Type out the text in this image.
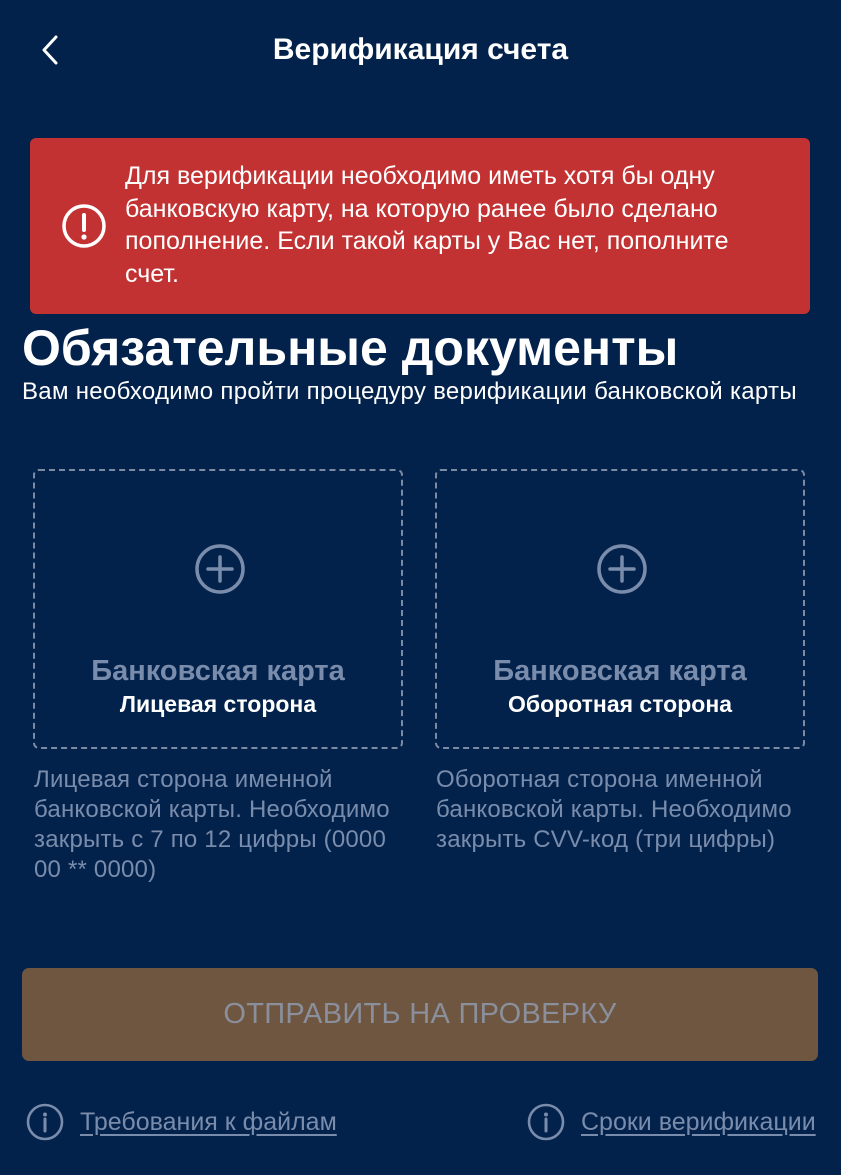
Верификация счета
Для верификации необходимо иметь хотя бы одну банковскую карту, на которую ранее было сделано пополнение. Если такой карты у Вас нет, пополните счет.
Обязательные документы
Вам необходимо пройти процедуру верификации банковской карты
Банковская карта
Лицевая сторона
Банковская карта
Оборотная сторона
Лицевая сторона именной банковской карты. Необходимо закрыть с 7 по 12 цифры (0000 00 ** 0000)
Оборотная сторона именной банковской карты. Необходимо закрыть CVV-код (три цифры)
ОТПРАВИТЬ НА ПРОВЕРКУ
Требования к файлам	Сроки верификации
